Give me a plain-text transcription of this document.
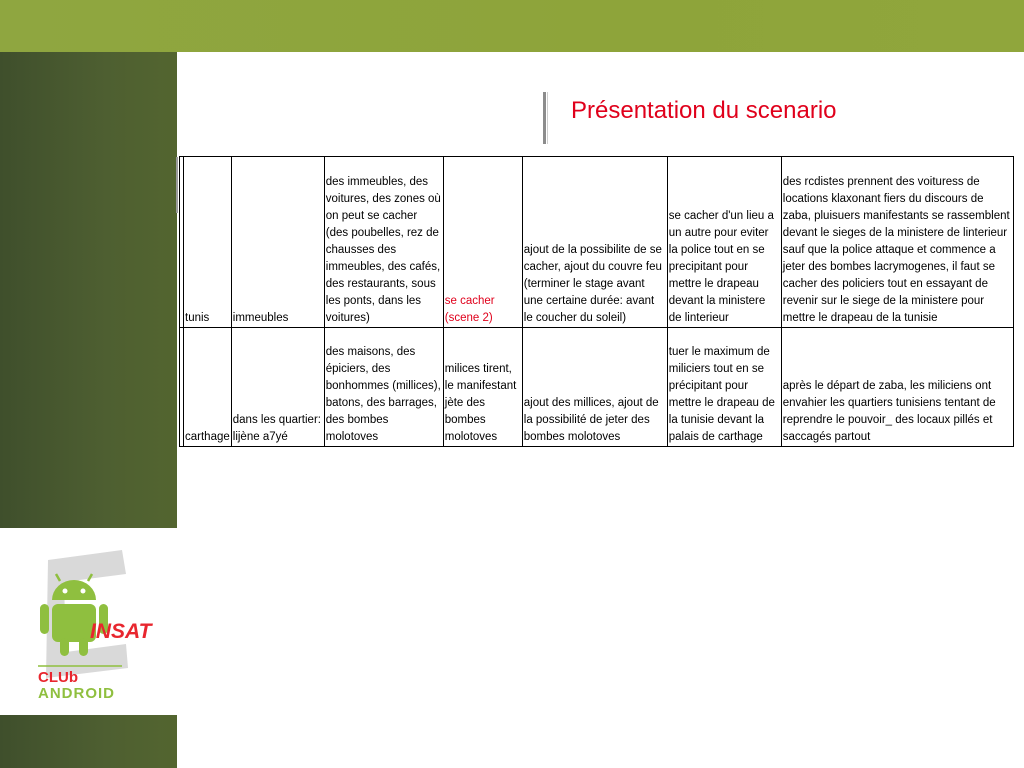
INSAT
CLUb
ANDROID
Présentation du scenario
	tunis	immeubles	des immeubles, des voitures, des zones où on peut se cacher (des poubelles, rez de chausses des immeubles, des cafés, des restaurants, sous les ponts, dans les voitures)	se cacher (scene 2)	ajout de la possibilite de se cacher, ajout du couvre feu (terminer le stage avant une certaine durée: avant le coucher du soleil)	se cacher d'un lieu a un autre pour eviter la police tout en se precipitant pour mettre le drapeau devant la ministere de linterieur	des rcdistes prennent des voituress de locations klaxonant fiers du discours de zaba, pluisuers manifestants se rassemblent devant le sieges de la ministere de linterieur sauf que la police attaque et commence a jeter des bombes lacrymogenes, il faut se cacher des policiers tout en essayant de revenir sur le siege de la ministere pour mettre le drapeau de la tunisie
	carthage	dans les quartier: lijène a7yé	des maisons, des épiciers, des bonhommes (millices), batons, des barrages, des bombes molotoves	milices tirent, le manifestant jète des bombes molotoves	ajout des millices, ajout de la possibilité de jeter des bombes molotoves	tuer le maximum de miliciers tout en se précipitant pour mettre le drapeau de la tunisie devant la palais de carthage	après le départ de zaba, les miliciens ont envahier les quartiers tunisiens tentant de reprendre le pouvoir_ des locaux pillés et saccagés partout
